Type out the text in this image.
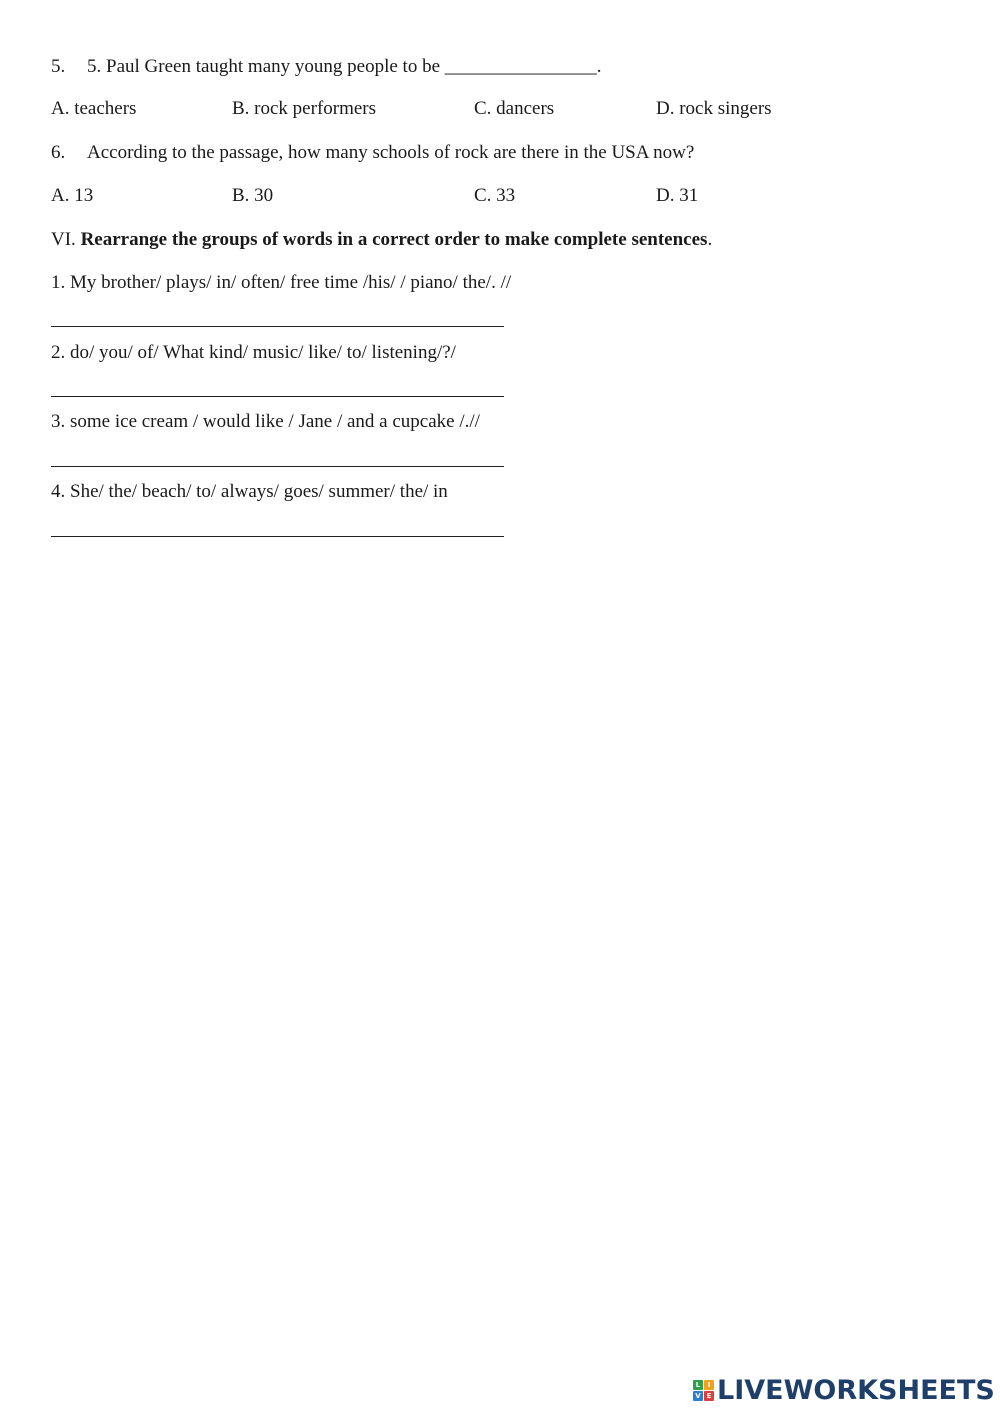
5. 5. Paul Green taught many young people to be ________________.
A. teachers	B. rock performers	C. dancers	D. rock singers
6. According to the passage, how many schools of rock are there in the USA now?
A. 13	B. 30	C. 33	D. 31
VI. Rearrange the groups of words in a correct order to make complete sentences.
1. My brother/ plays/ in/ often/ free time /his/ / piano/ the/. //
2. do/ you/ of/ What kind/ music/ like/ to/ listening/?/
3. some ice cream / would like / Jane / and a cupcake /.//
4. She/ the/ beach/ to/ always/ goes/ summer/ the/ in
L	I
V E LIVEWORKSHEETS
